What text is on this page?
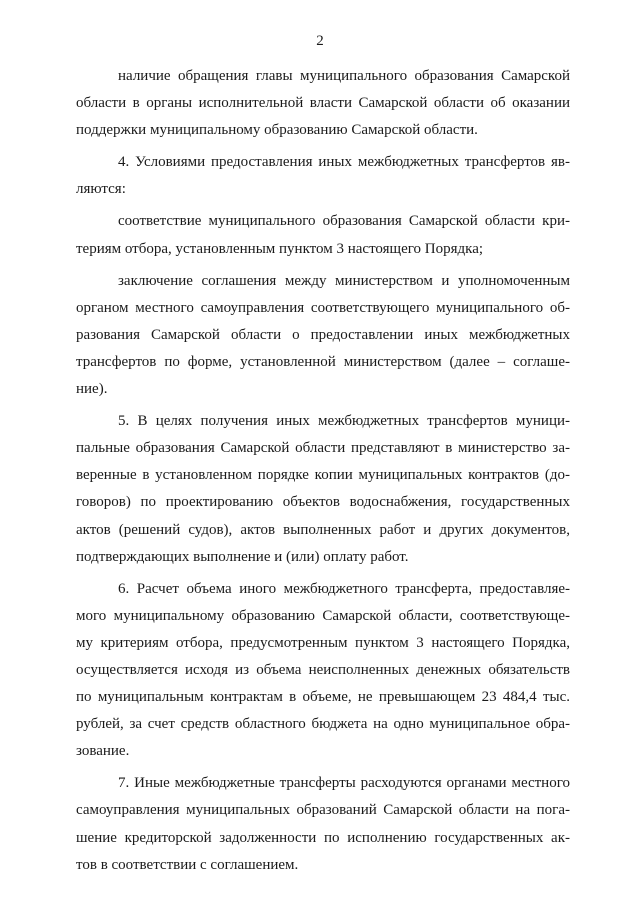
2
наличие обращения главы муниципального образования Самарской
области в органы исполнительной власти Самарской области об оказании
поддержки муниципальному образованию Самарской области.
4. Условиями предоставления иных межбюджетных трансфертов яв-
ляются:
соответствие муниципального образования Самарской области кри-
териям отбора, установленным пунктом 3 настоящего Порядка;
заключение соглашения между министерством и уполномоченным
органом местного самоуправления соответствующего муниципального об-
разования Самарской области о предоставлении иных межбюджетных
трансфертов по форме, установленной министерством (далее – соглаше-
ние).
5. В целях получения иных межбюджетных трансфертов муници-
пальные образования Самарской области представляют в министерство за-
веренные в установленном порядке копии муниципальных контрактов (до-
говоров) по проектированию объектов водоснабжения, государственных
актов (решений судов), актов выполненных работ и других документов,
подтверждающих выполнение и (или) оплату работ.
6. Расчет объема иного межбюджетного трансферта, предоставляе-
мого муниципальному образованию Самарской области, соответствующе-
му критериям отбора, предусмотренным пунктом 3 настоящего Порядка,
осуществляется исходя из объема неисполненных денежных обязательств
по муниципальным контрактам в объеме, не превышающем 23 484,4 тыс.
рублей, за счет средств областного бюджета на одно муниципальное обра-
зование.
7. Иные межбюджетные трансферты расходуются органами местного
самоуправления муниципальных образований Самарской области на пога-
шение кредиторской задолженности по исполнению государственных ак-
тов в соответствии с соглашением.
